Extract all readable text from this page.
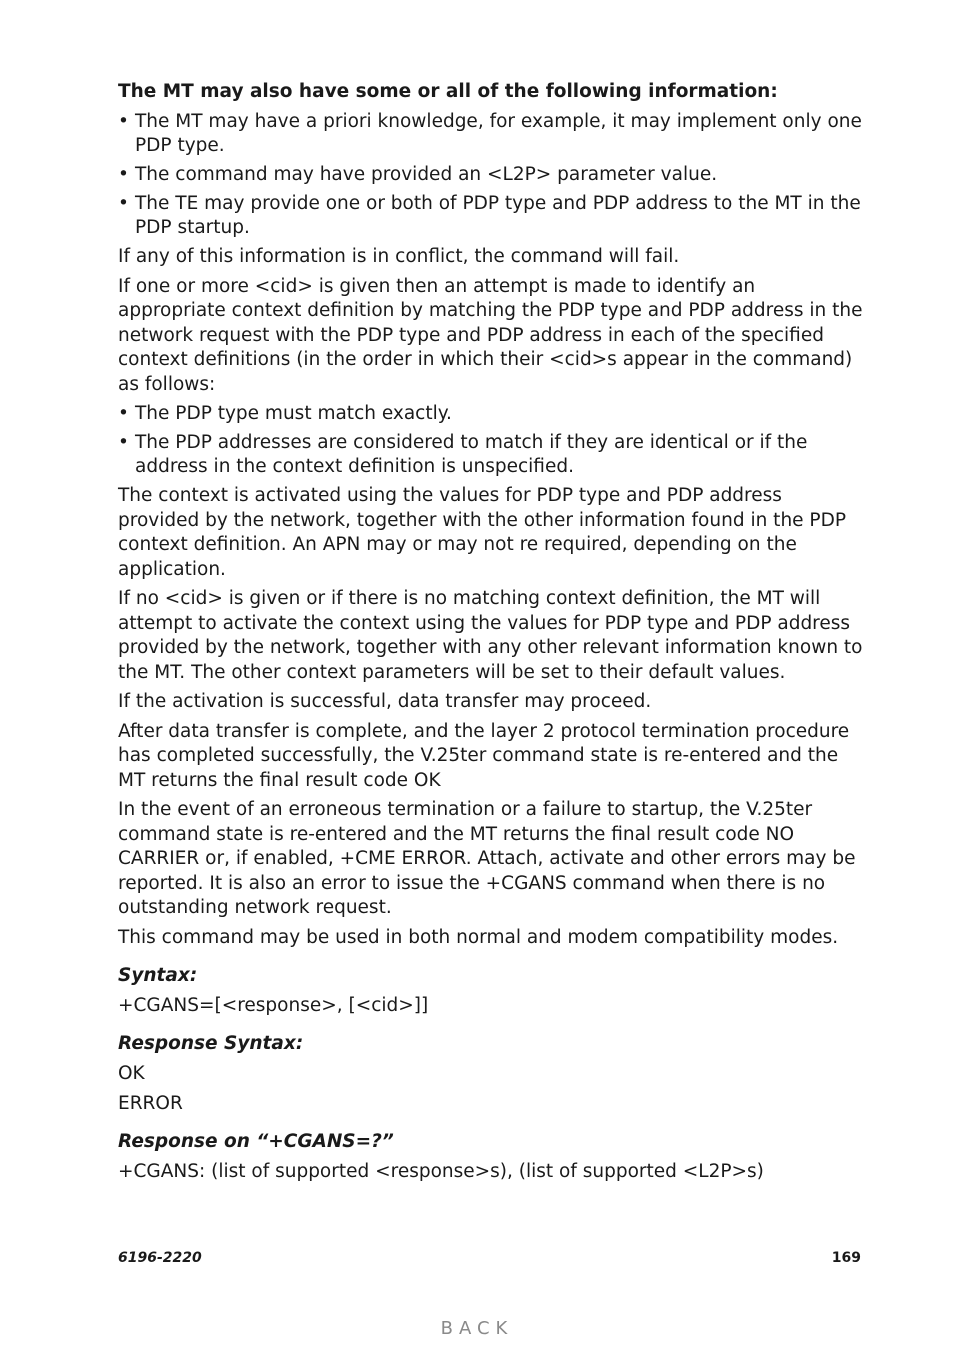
The MT may also have some or all of the following information:

• The MT may have a priori knowledge, for example, it may implement only one PDP type.
• The command may have provided an <L2P> parameter value.
• The TE may provide one or both of PDP type and PDP address to the MT in the PDP startup.

If any of this information is in conflict, the command will fail.

If one or more <cid> is given then an attempt is made to identify an appropriate context definition by matching the PDP type and PDP address in the network request with the PDP type and PDP address in each of the specified context definitions (in the order in which their <cid>s appear in the command) as follows:

• The PDP type must match exactly.
• The PDP addresses are considered to match if they are identical or if the address in the context definition is unspecified.

The context is activated using the values for PDP type and PDP address provided by the network, together with the other information found in the PDP context definition. An APN may or may not re required, depending on the application.

If no <cid> is given or if there is no matching context definition, the MT will attempt to activate the context using the values for PDP type and PDP address provided by the network, together with any other relevant information known to the MT. The other context parameters will be set to their default values.

If the activation is successful, data transfer may proceed.

After data transfer is complete, and the layer 2 protocol termination procedure has completed successfully, the V.25ter command state is re-entered and the MT returns the final result code OK

In the event of an erroneous termination or a failure to startup, the V.25ter command state is re-entered and the MT returns the final result code NO CARRIER or, if enabled, +CME ERROR. Attach, activate and other errors may be reported. It is also an error to issue the +CGANS command when there is no outstanding network request.

This command may be used in both normal and modem compatibility modes.

Syntax:

+CGANS=[<response>, [<cid>]]

Response Syntax:

OK

ERROR

Response on “+CGANS=?”

+CGANS: (list of supported <response>s), (list of supported <L2P>s)

6196-2220	169
BACK
